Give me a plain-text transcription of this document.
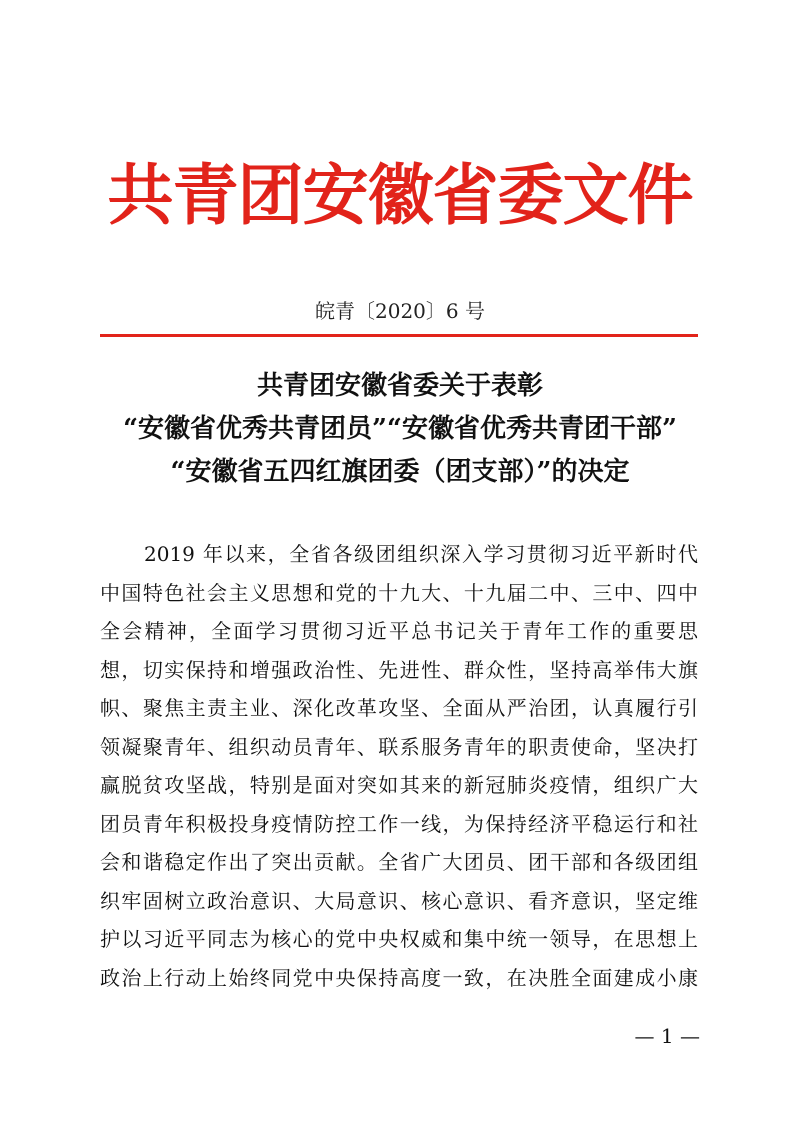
共青团安徽省委文件
皖青〔2020〕6 号
共青团安徽省委关于表彰
“安徽省优秀共青团员”“安徽省优秀共青团干部”
“安徽省五四红旗团委（团支部）”的决定
2019 年以来，全省各级团组织深入学习贯彻习近平新时代
中国特色社会主义思想和党的十九大、十九届二中、三中、四中
全会精神，全面学习贯彻习近平总书记关于青年工作的重要思
想，切实保持和增强政治性、先进性、群众性，坚持高举伟大旗
帜、聚焦主责主业、深化改革攻坚、全面从严治团，认真履行引
领凝聚青年、组织动员青年、联系服务青年的职责使命，坚决打
赢脱贫攻坚战，特别是面对突如其来的新冠肺炎疫情，组织广大
团员青年积极投身疫情防控工作一线，为保持经济平稳运行和社
会和谐稳定作出了突出贡献。全省广大团员、团干部和各级团组
织牢固树立政治意识、大局意识、核心意识、看齐意识，坚定维
护以习近平同志为核心的党中央权威和集中统一领导，在思想上
政治上行动上始终同党中央保持高度一致，在决胜全面建成小康
— 1 —
